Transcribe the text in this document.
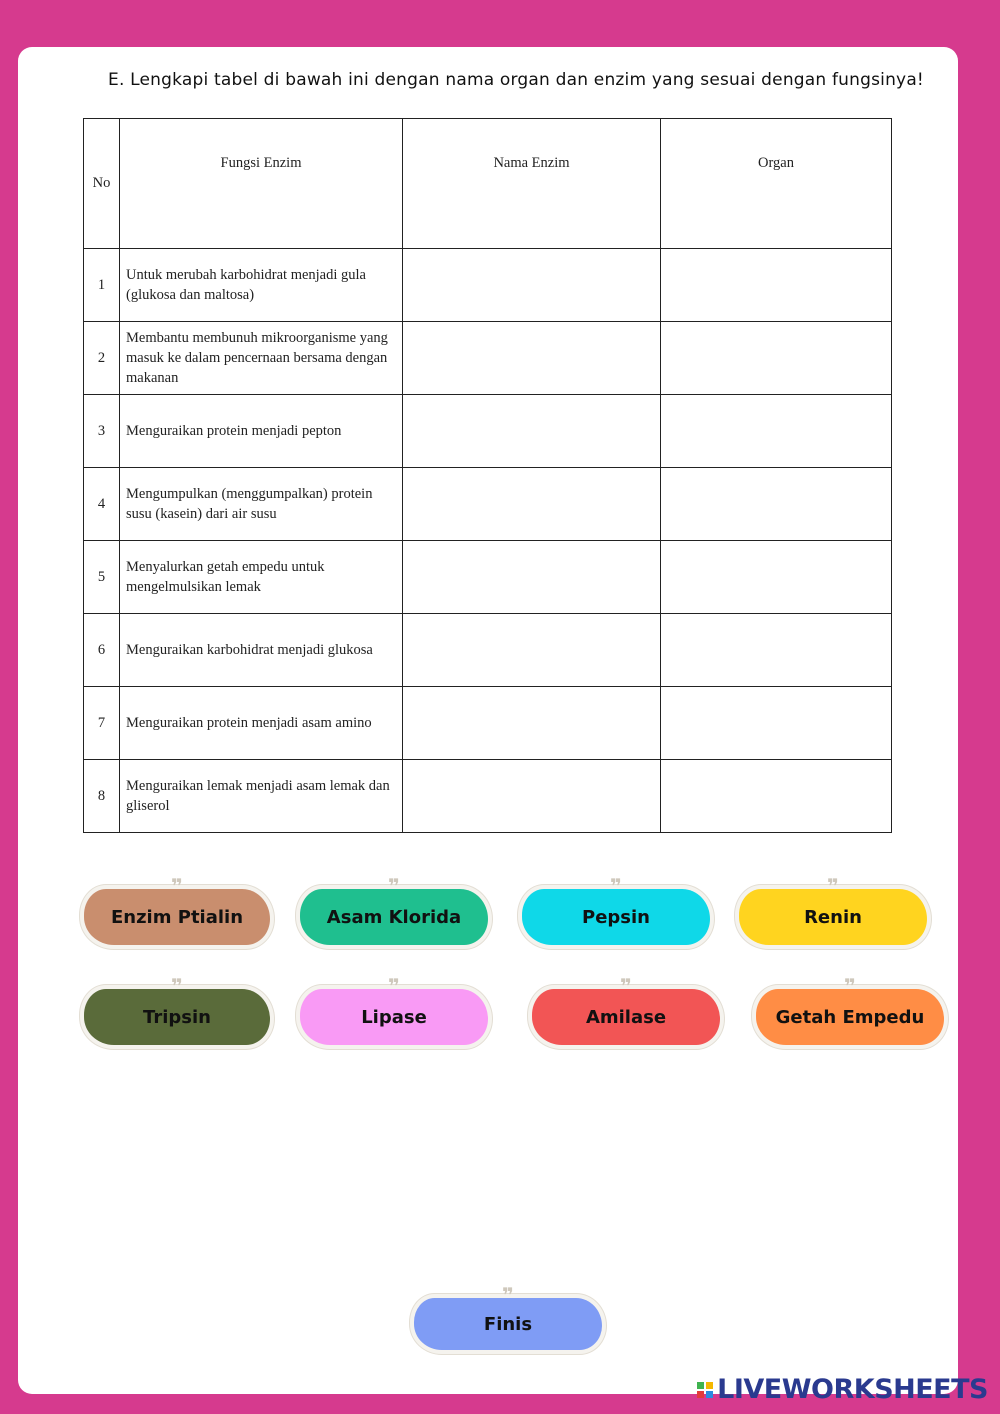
E. Lengkapi tabel di bawah ini dengan nama organ dan enzim yang sesuai dengan fungsinya!
No	Fungsi Enzim	Nama Enzim	Organ
1	Untuk merubah karbohidrat menjadi gula (glukosa dan maltosa)		
2	Membantu membunuh mikroorganisme yang masuk ke dalam pencernaan bersama dengan makanan		
3	Menguraikan protein menjadi pepton		
4	Mengumpulkan (menggumpalkan) protein susu (kasein) dari air susu		
5	Menyalurkan getah empedu untuk mengelmulsikan lemak		
6	Menguraikan karbohidrat menjadi glukosa		
7	Menguraikan protein menjadi asam amino		
8	Menguraikan lemak menjadi asam lemak dan gliserol		
❞
Enzim Ptialin
❞
Asam Klorida
❞
Pepsin
❞
Renin
❞
Tripsin
❞
Lipase
❞
Amilase
❞
Getah Empedu
❞
Finis
LIVEWORKSHEETS
